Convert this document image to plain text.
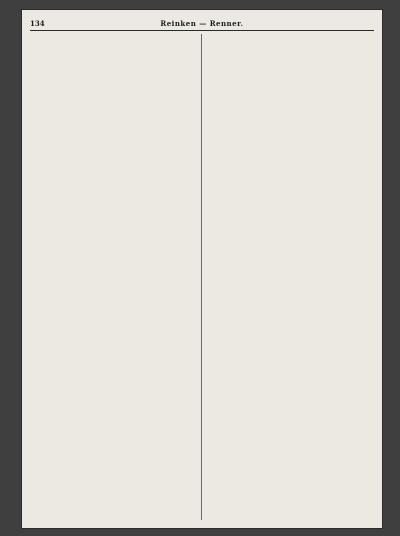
134	Reinken — Renner.
